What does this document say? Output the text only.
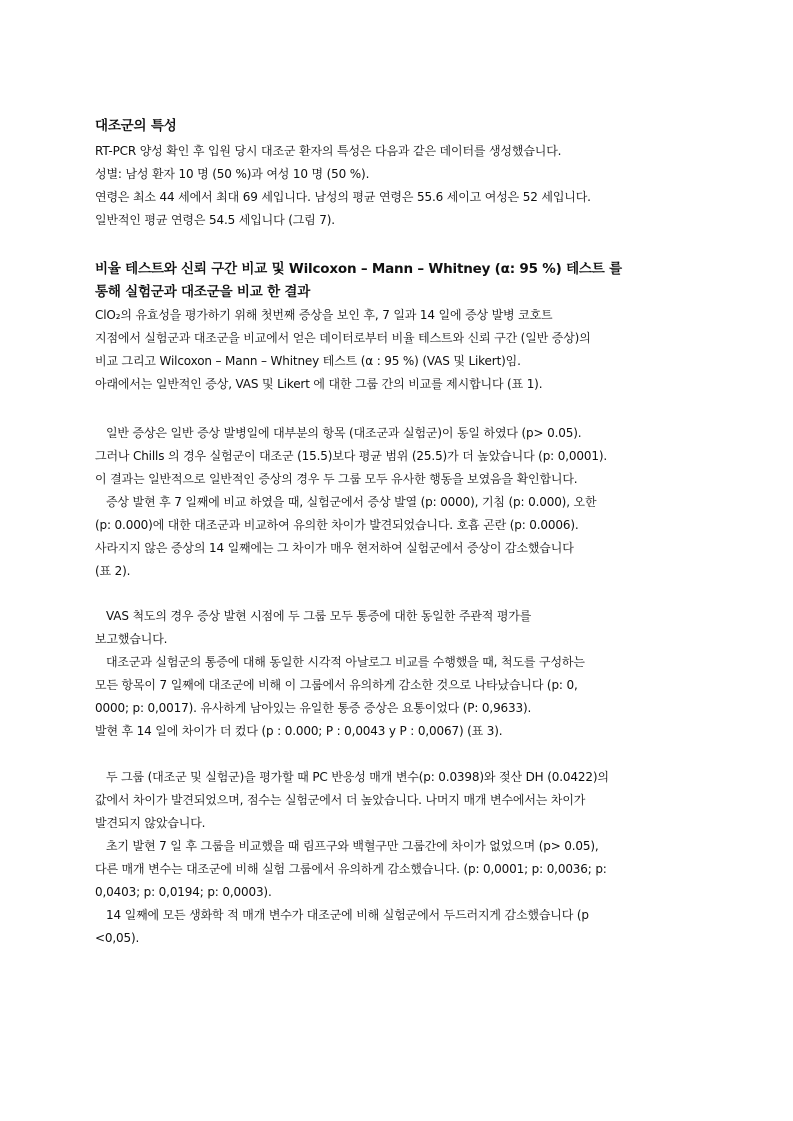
대조군의 특성
RT-PCR 양성 확인 후 입원 당시 대조군 환자의 특성은 다음과 같은 데이터를 생성했습니다.
성별: 남성 환자 10 명 (50 %)과 여성 10 명 (50 %).
연령은 최소 44 세에서 최대 69 세입니다. 남성의 평균 연령은 55.6 세이고 여성은 52 세입니다.
일반적인 평균 연령은 54.5 세입니다 (그림 7).
비율 테스트와 신뢰 구간 비교 및 Wilcoxon – Mann – Whitney (α: 95 %) 테스트 를
통해 실험군과 대조군을 비교 한 결과
ClO₂의 유효성을 평가하기 위해 첫번째 증상을 보인 후, 7 일과 14 일에 증상 발병 코호트
지점에서 실험군과 대조군을 비교에서 얻은 데이터로부터 비율 테스트와 신뢰 구간 (일반 증상)의
비교 그리고 Wilcoxon – Mann – Whitney 테스트 (α : 95 %) (VAS 및 Likert)임.
아래에서는 일반적인 증상, VAS 및 Likert 에 대한 그룹 간의 비교를 제시합니다 (표 1).
일반 증상은 일반 증상 발병일에 대부분의 항목 (대조군과 실험군)이 동일 하였다 (p> 0.05).
그러나 Chills 의 경우 실험군이 대조군 (15.5)보다 평균 범위 (25.5)가 더 높았습니다 (p: 0,0001).
이 결과는 일반적으로 일반적인 증상의 경우 두 그룹 모두 유사한 행동을 보였음을 확인합니다.
증상 발현 후 7 일째에 비교 하였을 때, 실험군에서 증상 발열 (p: 0000), 기침 (p: 0.000), 오한
(p: 0.000)에 대한 대조군과 비교하여 유의한 차이가 발견되었습니다. 호흡 곤란 (p: 0.0006).
사라지지 않은 증상의 14 일째에는 그 차이가 매우 현저하여 실험군에서 증상이 감소했습니다
(표 2).
VAS 척도의 경우 증상 발현 시점에 두 그룹 모두 통증에 대한 동일한 주관적 평가를
보고했습니다.
대조군과 실험군의 통증에 대해 동일한 시각적 아날로그 비교를 수행했을 때, 척도를 구성하는
모든 항목이 7 일째에 대조군에 비해 이 그룹에서 유의하게 감소한 것으로 나타났습니다 (p: 0,
0000; p: 0,0017). 유사하게 남아있는 유일한 통증 증상은 요통이었다 (P: 0,9633).
발현 후 14 일에 차이가 더 컸다 (p : 0.000; P : 0,0043 y P : 0,0067) (표 3).
두 그룹 (대조군 및 실험군)을 평가할 때 PC 반응성 매개 변수(p: 0.0398)와 젖산 DH (0.0422)의
값에서 차이가 발견되었으며, 점수는 실험군에서 더 높았습니다. 나머지 매개 변수에서는 차이가
발견되지 않았습니다.
초기 발현 7 일 후 그룹을 비교했을 때 림프구와 백혈구만 그룹간에 차이가 없었으며 (p> 0.05),
다른 매개 변수는 대조군에 비해 실험 그룹에서 유의하게 감소했습니다. (p: 0,0001; p: 0,0036; p:
0,0403; p: 0,0194; p: 0,0003).
14 일째에 모든 생화학 적 매개 변수가 대조군에 비해 실험군에서 두드러지게 감소했습니다 (p
<0,05).
